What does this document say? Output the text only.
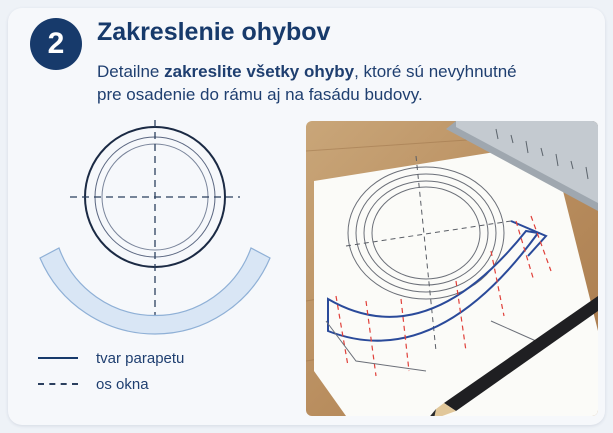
2 Zakreslenie ohybov
Detailne zakreslite všetky ohyby, ktoré sú nevyhnutné
pre osadenie do rámu aj na fasádu budovy.
tvar parapetu
os okna
